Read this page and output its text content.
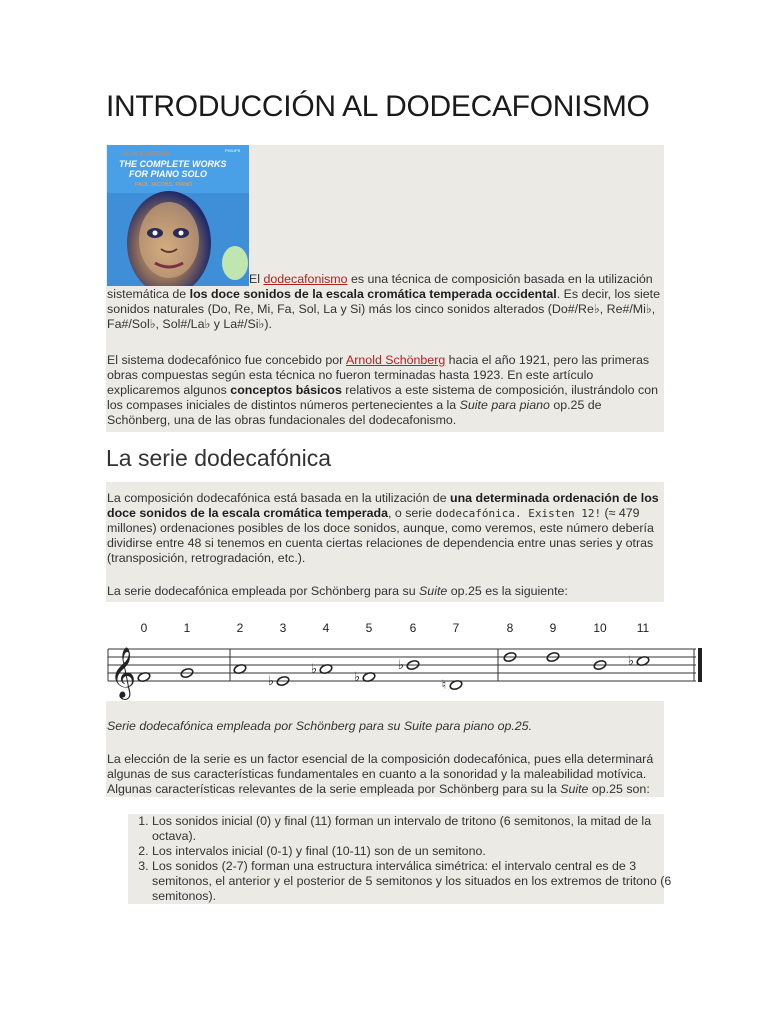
INTRODUCCIÓN AL DODECAFONISMO
SCHOENBERG
THE COMPLETE WORKS
FOR PIANO SOLO
PAUL JACOBS, PIANO
PHILIPS

El dodecafonismo es una técnica de composición basada en la utilización sistemática de los doce sonidos de la escala cromática temperada occidental. Es decir, los siete sonidos naturales (Do, Re, Mi, Fa, Sol, La y Si) más los cinco sonidos alterados (Do#/Re♭, Re#/Mi♭, Fa#/Sol♭, Sol#/La♭ y La#/Si♭).

El sistema dodecafónico fue concebido por Arnold Schönberg hacia el año 1921, pero las primeras obras compuestas según esta técnica no fueron terminadas hasta 1923. En este artículo explicaremos algunos conceptos básicos relativos a este sistema de composición, ilustrándolo con los compases iniciales de distintos números pertenecientes a la Suite para piano op.25 de Schönberg, una de las obras fundacionales del dodecafonismo.

La serie dodecafónica

La composición dodecafónica está basada en la utilización de una determinada ordenación de los doce sonidos de la escala cromática temperada, o serie dodecafónica. Existen 12! (≈ 479 millones) ordenaciones posibles de los doce sonidos, aunque, como veremos, este número debería dividirse entre 48 si tenemos en cuenta ciertas relaciones de dependencia entre unas series y otras (transposición, retrogradación, etc.).

La serie dodecafónica empleada por Schönberg para su Suite op.25 es la siguiente:

𝄞
0	1	2	3	4	5	6	7	8	9	10	11
♭
♭
♭
♭
♮
♭

Serie dodecafónica empleada por Schönberg para su Suite para piano op.25.

La elección de la serie es un factor esencial de la composición dodecafónica, pues ella determinará algunas de sus características fundamentales en cuanto a la sonoridad y la maleabilidad motívica. Algunas características relevantes de la serie empleada por Schönberg para su la Suite op.25 son:

1. Los sonidos inicial (0) y final (11) forman un intervalo de tritono (6 semitonos, la mitad de la octava).
2. Los intervalos inicial (0-1) y final (10-11) son de un semitono.
3. Los sonidos (2-7) forman una estructura interválica simétrica: el intervalo central es de 3 semitonos, el anterior y el posterior de 5 semitonos y los situados en los extremos de tritono (6 semitonos).
